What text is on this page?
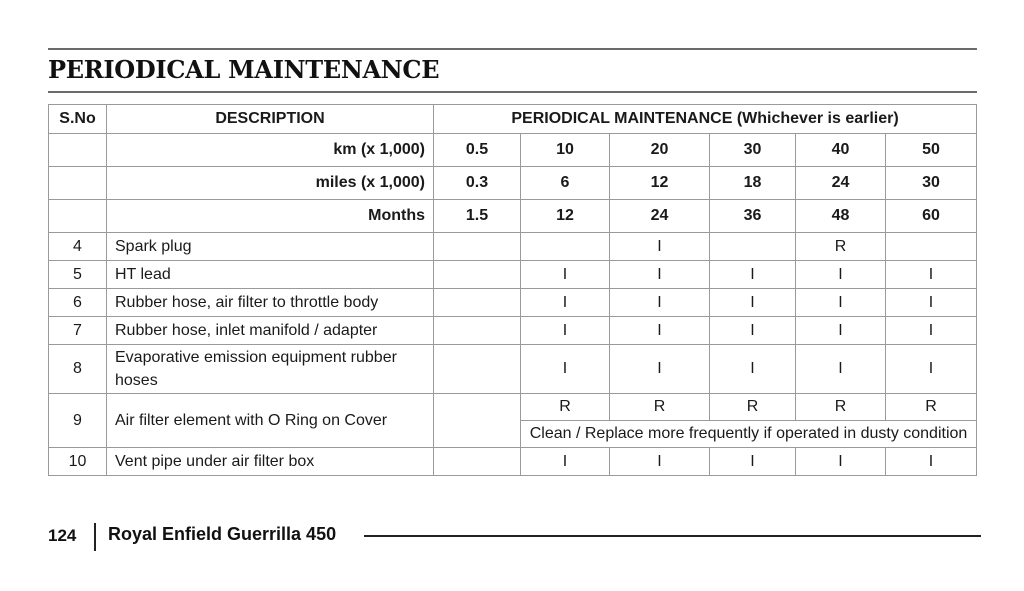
PERIODICAL MAINTENANCE
S.No	DESCRIPTION	PERIODICAL MAINTENANCE (Whichever is earlier)					
	km (x 1,000)	0.5	10	20	30	40	50
	miles (x 1,000)	0.3	6	12	18	24	30
	Months	1.5	12	24	36	48	60
4	Spark plug			I		R	
5	HT lead		I	I	I	I	I
6	Rubber hose, air filter to throttle body		I	I	I	I	I
7	Rubber hose, inlet manifold / adapter		I	I	I	I	I
8	Evaporative emission equipment rubber hoses		I	I	I	I	I
9	Air filter element with O Ring on Cover		R	R	R	R	R
			Clean / Replace more frequently if operated in dusty condition				
10	Vent pipe under air filter box		I	I	I	I	I
124 Royal Enfield Guerrilla 450
